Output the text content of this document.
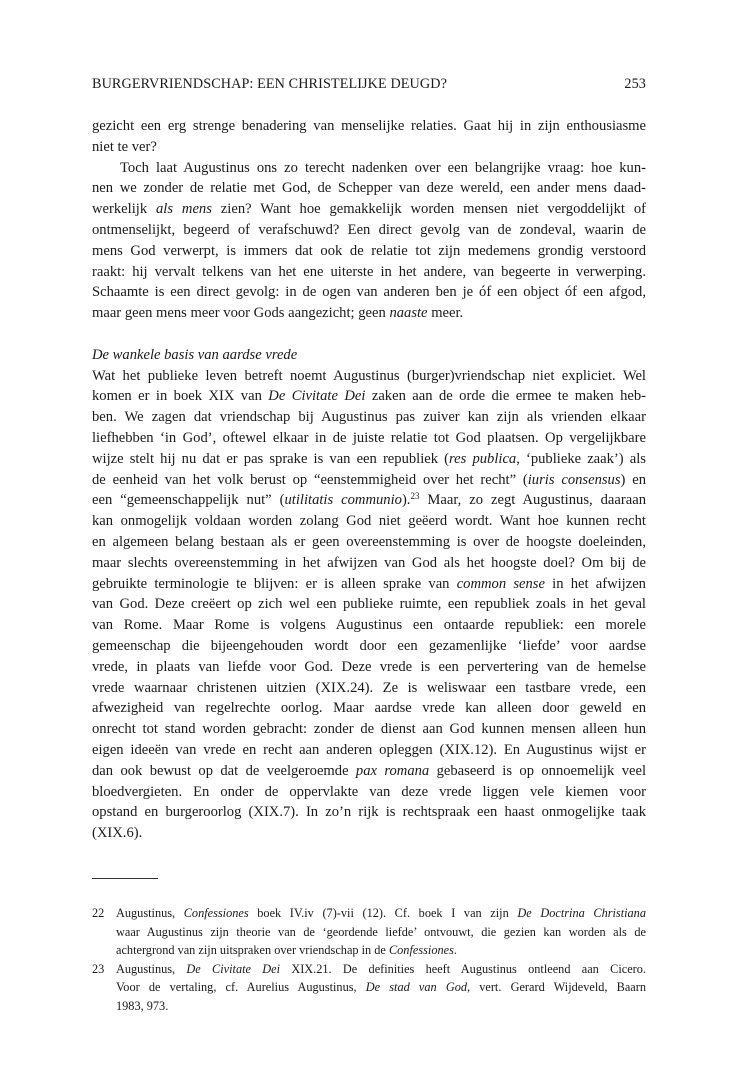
BURGERVRIENDSCHAP: EEN CHRISTELIJKE DEUGD?	253
gezicht een erg strenge benadering van menselijke relaties. Gaat hij in zijn enthousiasme
niet te ver?
Toch laat Augustinus ons zo terecht nadenken over een belangrijke vraag: hoe kun-
nen we zonder de relatie met God, de Schepper van deze wereld, een ander mens daad-
werkelijk als mens zien? Want hoe gemakkelijk worden mensen niet vergoddelijkt of
ontmenselijkt, begeerd of verafschuwd? Een direct gevolg van de zondeval, waarin de
mens God verwerpt, is immers dat ook de relatie tot zijn medemens grondig verstoord
raakt: hij vervalt telkens van het ene uiterste in het andere, van begeerte in verwerping.
Schaamte is een direct gevolg: in de ogen van anderen ben je óf een object óf een afgod,
maar geen mens meer voor Gods aangezicht; geen naaste meer.
De wankele basis van aardse vrede
Wat het publieke leven betreft noemt Augustinus (burger)vriendschap niet expliciet. Wel
komen er in boek XIX van De Civitate Dei zaken aan de orde die ermee te maken heb-
ben. We zagen dat vriendschap bij Augustinus pas zuiver kan zijn als vrienden elkaar
liefhebben ‘in God’, oftewel elkaar in de juiste relatie tot God plaatsen. Op vergelijkbare
wijze stelt hij nu dat er pas sprake is van een republiek (res publica, ‘publieke zaak’) als
de eenheid van het volk berust op “eenstemmigheid over het recht” (iuris consensus) en
een “gemeenschappelijk nut” (utilitatis communio).$^{23}$ Maar, zo zegt Augustinus, daaraan
kan onmogelijk voldaan worden zolang God niet geëerd wordt. Want hoe kunnen recht
en algemeen belang bestaan als er geen overeenstemming is over de hoogste doeleinden,
maar slechts overeenstemming in het afwijzen van God als het hoogste doel? Om bij de
gebruikte terminologie te blijven: er is alleen sprake van common sense in het afwijzen
van God. Deze creëert op zich wel een publieke ruimte, een republiek zoals in het geval
van Rome. Maar Rome is volgens Augustinus een ontaarde republiek: een morele
gemeenschap die bijeengehouden wordt door een gezamenlijke ‘liefde’ voor aardse
vrede, in plaats van liefde voor God. Deze vrede is een pervertering van de hemelse
vrede waarnaar christenen uitzien (XIX.24). Ze is weliswaar een tastbare vrede, een
afwezigheid van regelrechte oorlog. Maar aardse vrede kan alleen door geweld en
onrecht tot stand worden gebracht: zonder de dienst aan God kunnen mensen alleen hun
eigen ideeën van vrede en recht aan anderen opleggen (XIX.12). En Augustinus wijst er
dan ook bewust op dat de veelgeroemde pax romana gebaseerd is op onnoemelijk veel
bloedvergieten. En onder de oppervlakte van deze vrede liggen vele kiemen voor
opstand en burgeroorlog (XIX.7). In zo’n rijk is rechtspraak een haast onmogelijke taak
(XIX.6).
22 Augustinus, Confessiones boek IV.iv (7)-vii (12). Cf. boek I van zijn De Doctrina Christiana
waar Augustinus zijn theorie van de ‘geordende liefde’ ontvouwt, die gezien kan worden als de
achtergrond van zijn uitspraken over vriendschap in de Confessiones.
23 Augustinus, De Civitate Dei XIX.21. De definities heeft Augustinus ontleend aan Cicero.
Voor de vertaling, cf. Aurelius Augustinus, De stad van God, vert. Gerard Wijdeveld, Baarn
1983, 973.
